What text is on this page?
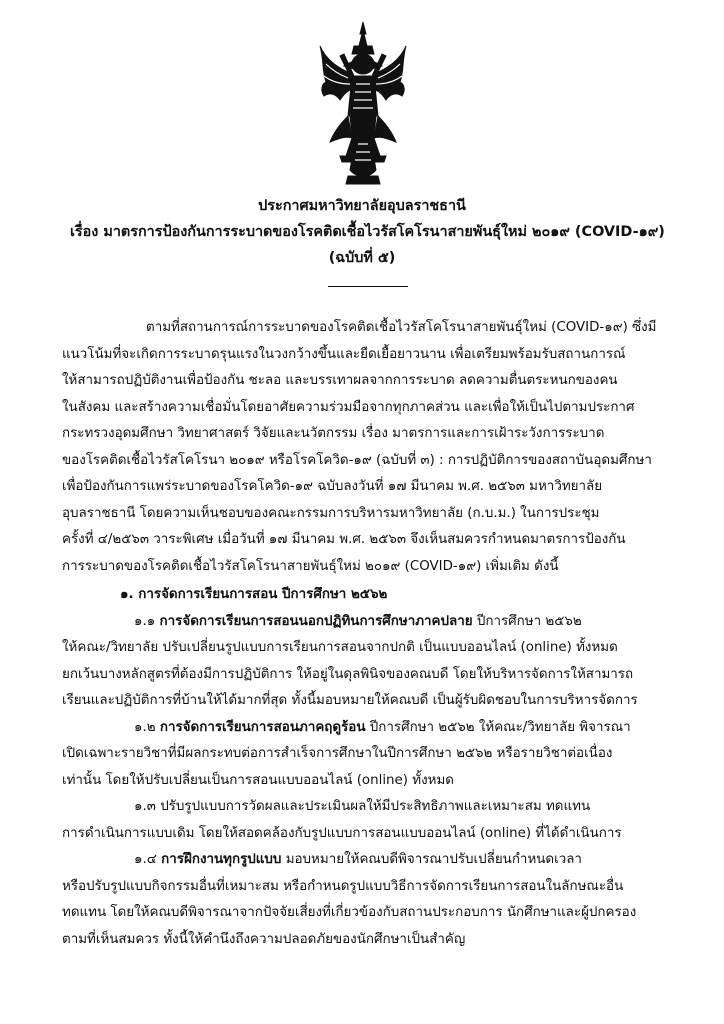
ประกาศมหาวิทยาลัยอุบลราชธานี
เรื่อง มาตรการป้องกันการระบาดของโรคติดเชื้อไวรัสโคโรนาสายพันธุ์ใหม่ ๒๐๑๙ (COVID-๑๙)
(ฉบับที่ ๕)
ตามที่สถานการณ์การระบาดของโรคติดเชื้อไวรัสโคโรนาสายพันธุ์ใหม่ (COVID-๑๙) ซึ่งมี
แนวโน้มที่จะเกิดการระบาดรุนแรงในวงกว้างขึ้นและยืดเยื้อยาวนาน เพื่อเตรียมพร้อมรับสถานการณ์
ให้สามารถปฏิบัติงานเพื่อป้องกัน ชะลอ และบรรเทาผลจากการระบาด ลดความตื่นตระหนกของคน
ในสังคม และสร้างความเชื่อมั่นโดยอาศัยความร่วมมือจากทุกภาคส่วน และเพื่อให้เป็นไปตามประกาศ
กระทรวงอุดมศึกษา วิทยาศาสตร์ วิจัยและนวัตกรรม เรื่อง มาตรการและการเฝ้าระวังการระบาด
ของโรคติดเชื้อไวรัสโคโรนา ๒๐๑๙ หรือโรคโควิด-๑๙ (ฉบับที่ ๓) : การปฏิบัติการของสถาบันอุดมศึกษา
เพื่อป้องกันการแพร่ระบาดของโรคโควิด-๑๙ ฉบับลงวันที่ ๑๗ มีนาคม พ.ศ. ๒๕๖๓ มหาวิทยาลัย
อุบลราชธานี โดยความเห็นชอบของคณะกรรมการบริหารมหาวิทยาลัย (ก.บ.ม.) ในการประชุม
ครั้งที่ ๔/๒๕๖๓ วาระพิเศษ เมื่อวันที่ ๑๗ มีนาคม พ.ศ. ๒๕๖๓ จึงเห็นสมควรกำหนดมาตรการป้องกัน
การระบาดของโรคติดเชื้อไวรัสโคโรนาสายพันธุ์ใหม่ ๒๐๑๙ (COVID-๑๙) เพิ่มเติม ดังนี้
๑. การจัดการเรียนการสอน ปีการศึกษา ๒๕๖๒
๑.๑ การจัดการเรียนการสอนนอกปฏิทินการศึกษาภาคปลาย ปีการศึกษา ๒๕๖๒
ให้คณะ/วิทยาลัย ปรับเปลี่ยนรูปแบบการเรียนการสอนจากปกติ เป็นแบบออนไลน์ (online) ทั้งหมด
ยกเว้นบางหลักสูตรที่ต้องมีการปฏิบัติการ ให้อยู่ในดุลพินิจของคณบดี โดยให้บริหารจัดการให้สามารถ
เรียนและปฏิบัติการที่บ้านให้ได้มากที่สุด ทั้งนี้มอบหมายให้คณบดี เป็นผู้รับผิดชอบในการบริหารจัดการ
๑.๒ การจัดการเรียนการสอนภาคฤดูร้อน ปีการศึกษา ๒๕๖๒ ให้คณะ/วิทยาลัย พิจารณา
เปิดเฉพาะรายวิชาที่มีผลกระทบต่อการสำเร็จการศึกษาในปีการศึกษา ๒๕๖๒ หรือรายวิชาต่อเนื่อง
เท่านั้น โดยให้ปรับเปลี่ยนเป็นการสอนแบบออนไลน์ (online) ทั้งหมด
๑.๓ ปรับรูปแบบการวัดผลและประเมินผลให้มีประสิทธิภาพและเหมาะสม ทดแทน
การดำเนินการแบบเดิม โดยให้สอดคล้องกับรูปแบบการสอนแบบออนไลน์ (online) ที่ได้ดำเนินการ
๑.๔ การฝึกงานทุกรูปแบบ มอบหมายให้คณบดีพิจารณาปรับเปลี่ยนกำหนดเวลา
หรือปรับรูปแบบกิจกรรมอื่นที่เหมาะสม หรือกำหนดรูปแบบวิธีการจัดการเรียนการสอนในลักษณะอื่น
ทดแทน โดยให้คณบดีพิจารณาจากปัจจัยเสี่ยงที่เกี่ยวข้องกับสถานประกอบการ นักศึกษาและผู้ปกครอง
ตามที่เห็นสมควร ทั้งนี้ให้คำนึงถึงความปลอดภัยของนักศึกษาเป็นสำคัญ
